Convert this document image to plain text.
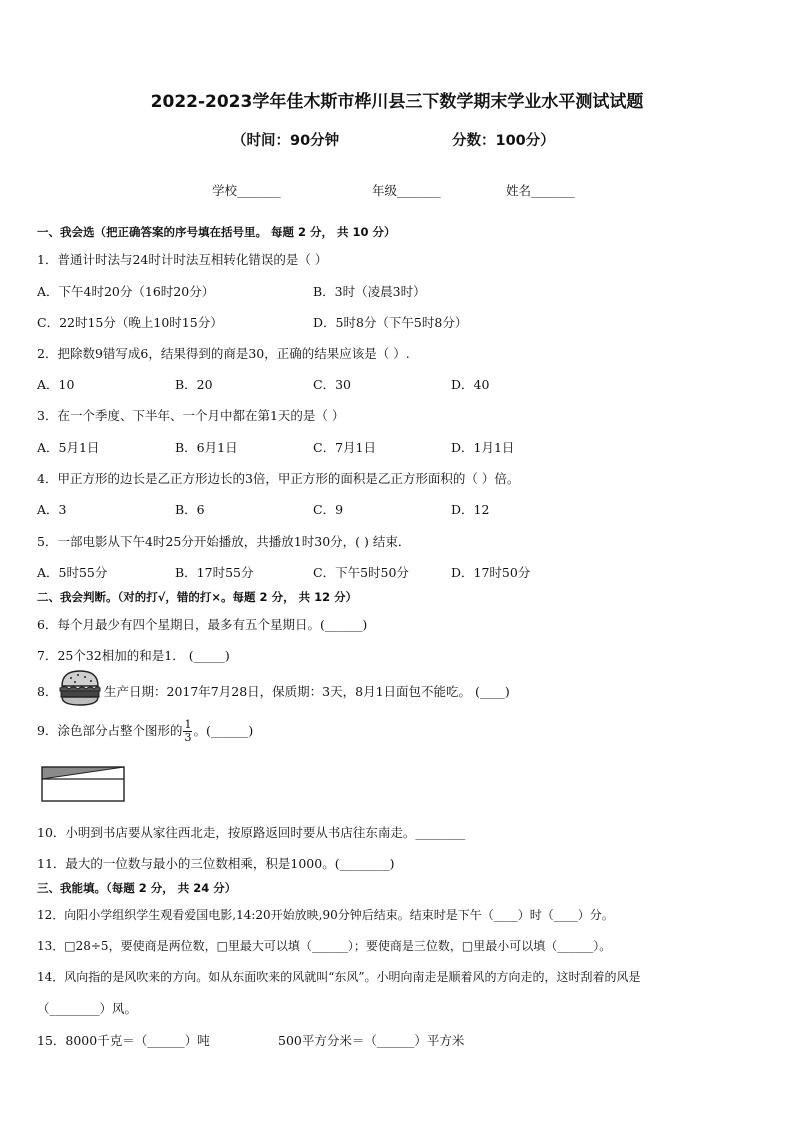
2022-2023学年佳木斯市桦川县三下数学期末学业水平测试试题
（时间：90分钟	分数：100分）
学校_______	年级_______	姓名_______
一、我会选（把正确答案的序号填在括号里。 每题 2 分， 共 10 分）
1．普通计时法与24时计时法互相转化错误的是（ ）
A．下午4时20分（16时20分）	B．3时（凌晨3时）
C．22时15分（晚上10时15分）	D．5时8分（下午5时8分）
2．把除数9错写成6，结果得到的商是30，正确的结果应该是（ ）.
A．10	B．20	C．30	D．40
3．在一个季度、下半年、一个月中都在第1天的是（ ）
A．5月1日	B．6月1日	C．7月1日	D．1月1日
4．甲正方形的边长是乙正方形边长的3倍，甲正方形的面积是乙正方形面积的（ ）倍。
A．3	B．6	C．9	D．12
5．一部电影从下午4时25分开始播放，共播放1时30分，( ) 结束．
A．5时55分	B．17时55分	C．下午5时50分	D．17时50分
二、我会判断。（对的打√，错的打×。每题 2 分， 共 12 分）
6．每个月最少有四个星期日，最多有五个星期日。(______)
7．25个32相加的和是1． (_____)
8．	生产日期：2017年7月28日，保质期：3天，8月1日面包不能吃。 (____)
9．涂色部分占整个图形的 $\frac{1}{3}$ 。(______)
10．小明到书店要从家往西北走，按原路返回时要从书店往东南走。________
11．最大的一位数与最小的三位数相乘，积是1000。(________)
三、我能填。（每题 2 分， 共 24 分）
12．向阳小学组织学生观看爱国电影,14:20开始放映,90分钟后结束。结束时是下午（____）时（____）分。
13．□28÷5，要使商是两位数，□里最大可以填（______）；要使商是三位数，□里最小可以填（______）。
14．风向指的是风吹来的方向。如从东面吹来的风就叫“东风”。小明向南走是顺着风的方向走的，这时刮着的风是
（________）风。
15．8000千克＝（______）吨	500平方分米＝（______）平方米
